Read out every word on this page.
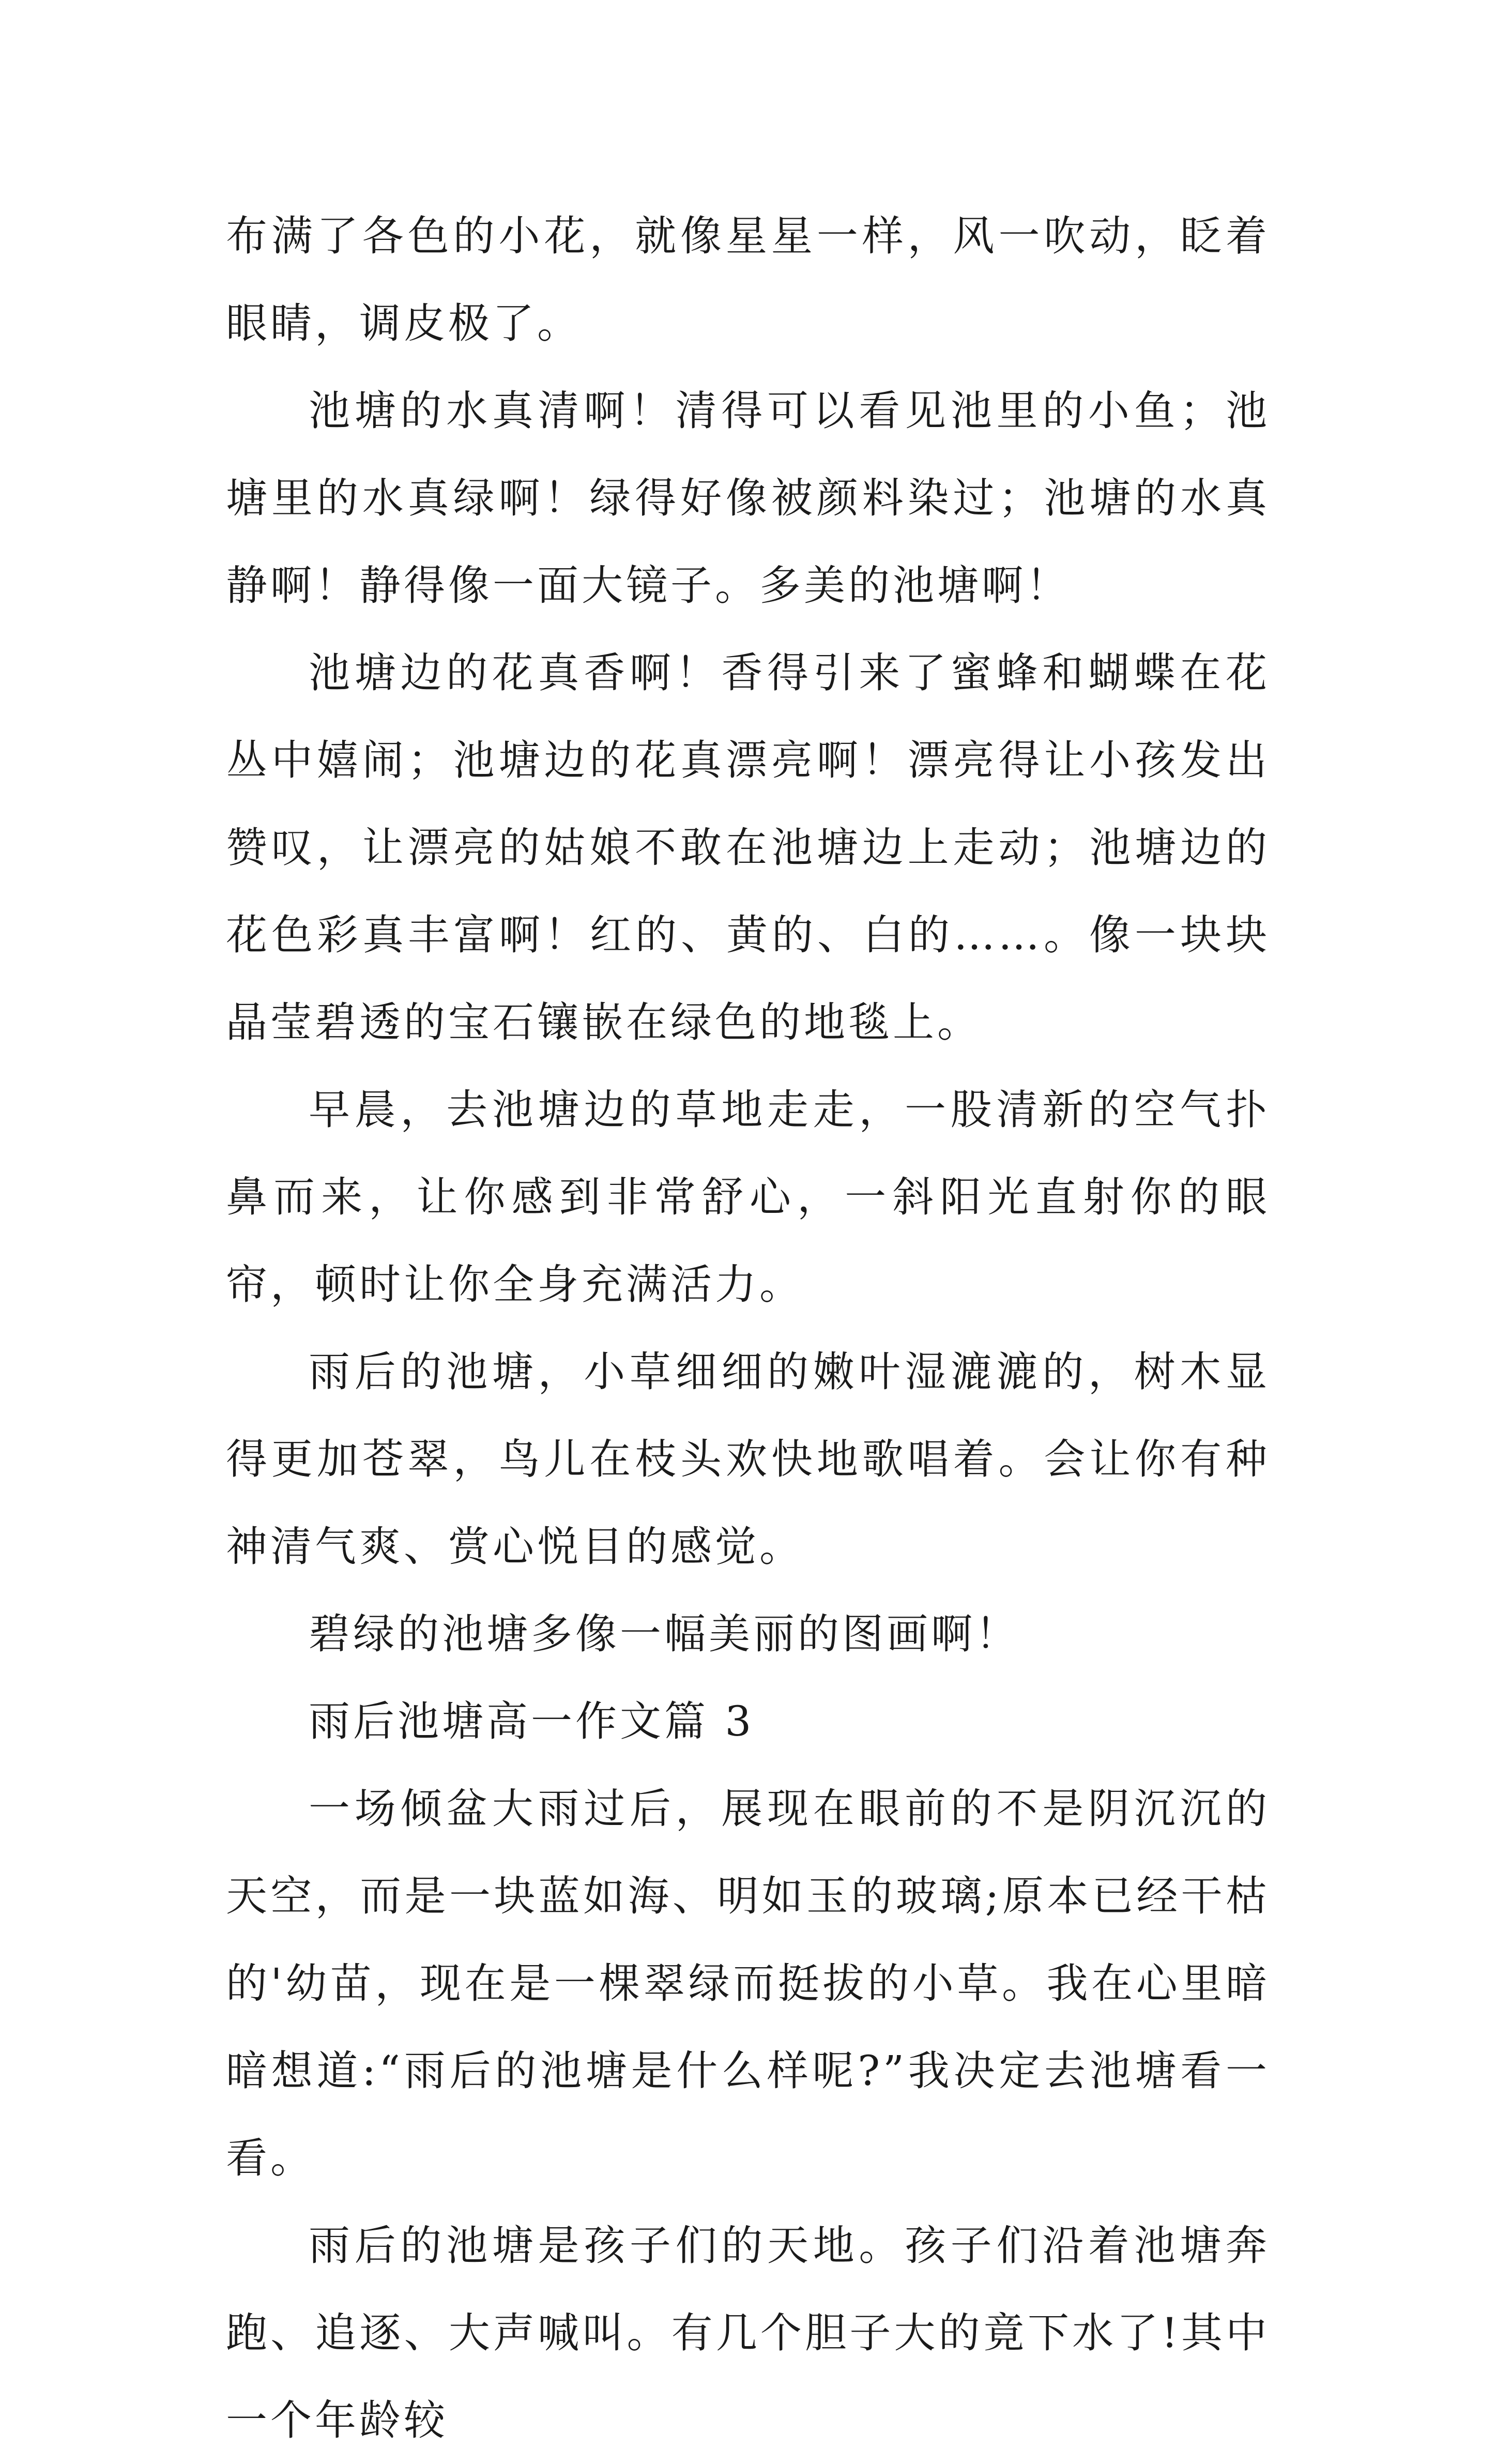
布满了各色的小花，就像星星一样，风一吹动，眨着眼睛，调皮极了。

池塘的水真清啊！清得可以看见池里的小鱼；池塘里的水真绿啊！绿得好像被颜料染过；池塘的水真静啊！静得像一面大镜子。多美的池塘啊！

池塘边的花真香啊！香得引来了蜜蜂和蝴蝶在花丛中嬉闹；池塘边的花真漂亮啊！漂亮得让小孩发出赞叹，让漂亮的姑娘不敢在池塘边上走动；池塘边的花色彩真丰富啊！红的、黄的、白的……。像一块块晶莹碧透的宝石镶嵌在绿色的地毯上。

早晨，去池塘边的草地走走，一股清新的空气扑鼻而来，让你感到非常舒心，一斜阳光直射你的眼帘，顿时让你全身充满活力。

雨后的池塘，小草细细的嫩叶湿漉漉的，树木显得更加苍翠，鸟儿在枝头欢快地歌唱着。会让你有种神清气爽、赏心悦目的感觉。

碧绿的池塘多像一幅美丽的图画啊！

雨后池塘高一作文篇 3

一场倾盆大雨过后，展现在眼前的不是阴沉沉的天空，而是一块蓝如海、明如玉的玻璃;原本已经干枯的'幼苗，现在是一棵翠绿而挺拔的小草。我在心里暗暗想道:“雨后的池塘是什么样呢?”我决定去池塘看一看。

雨后的池塘是孩子们的天地。孩子们沿着池塘奔跑、追逐、大声喊叫。有几个胆子大的竟下水了!其中一个年龄较
